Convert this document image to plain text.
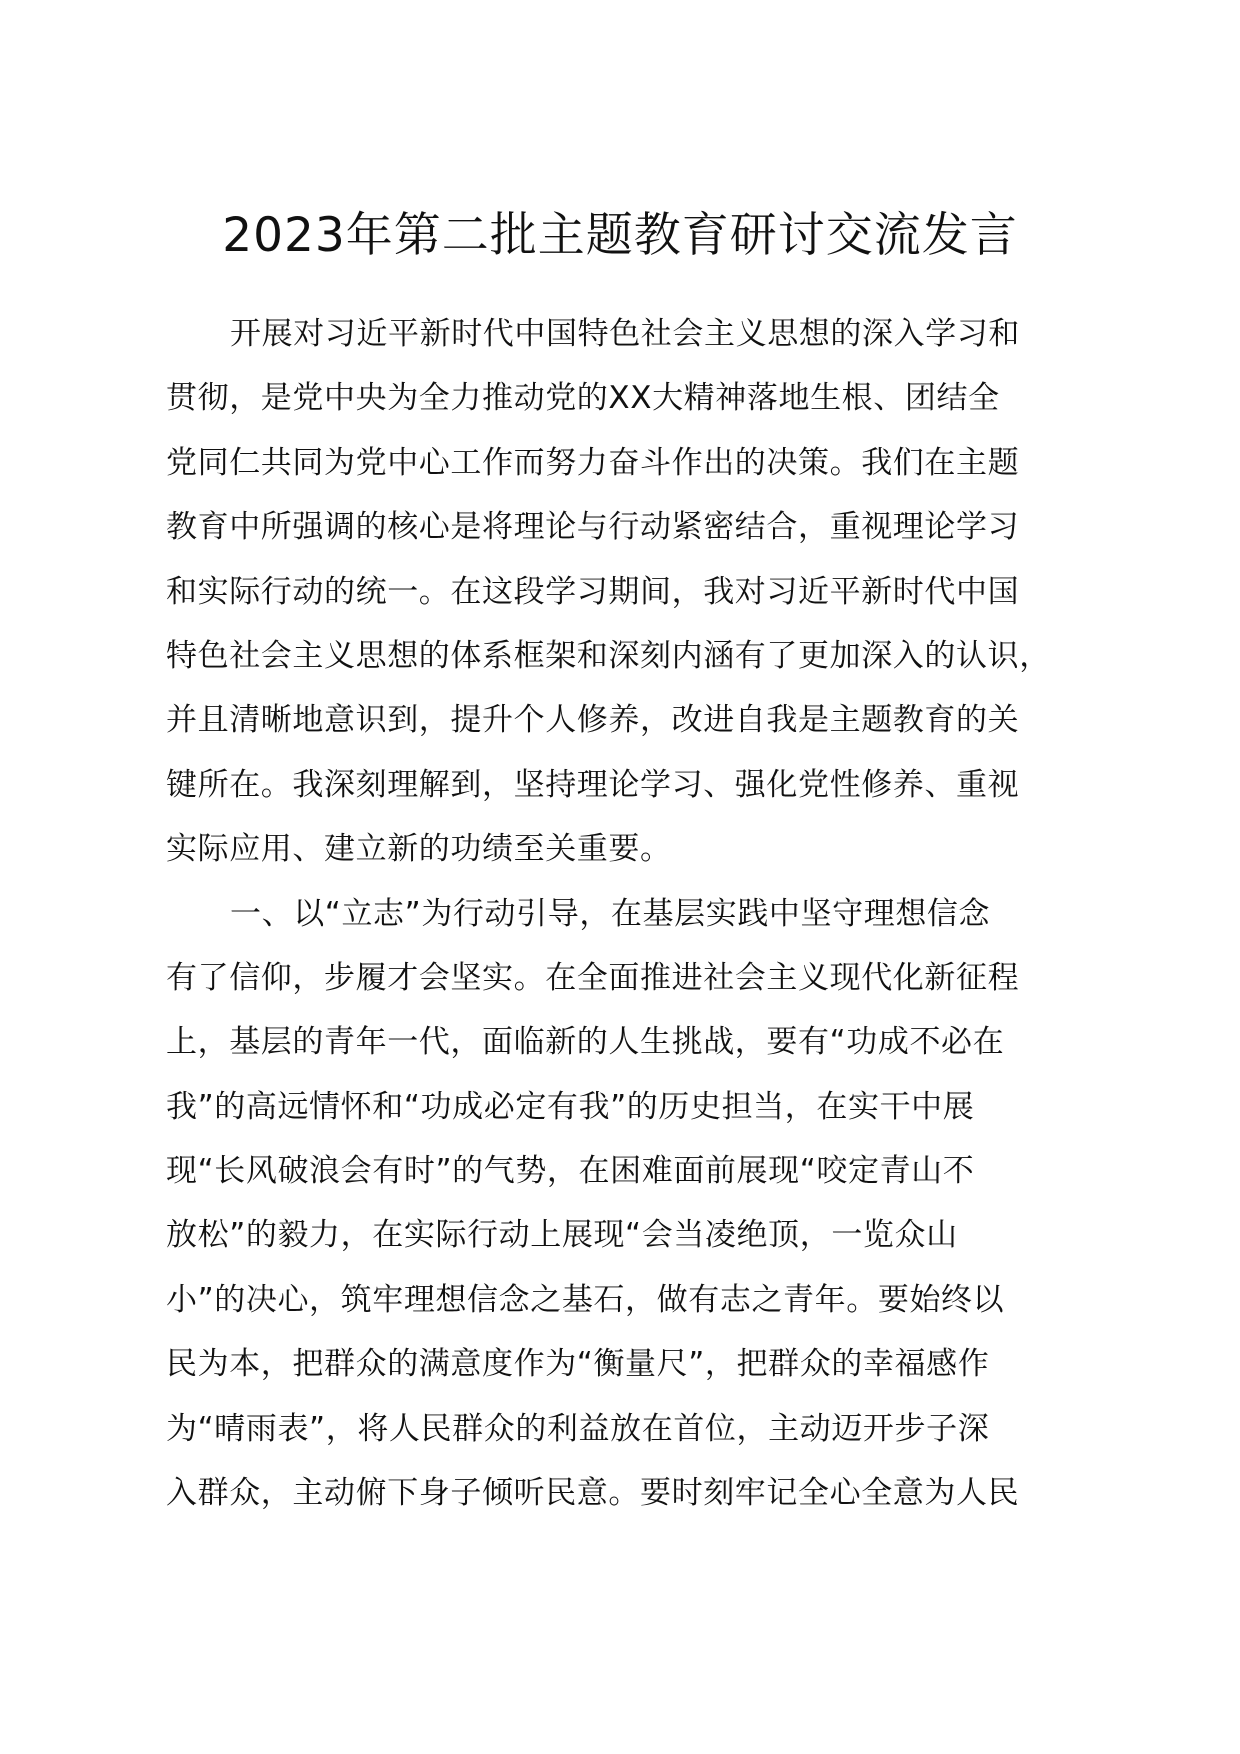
2023年第二批主题教育研讨交流发言
开展对习近平新时代中国特色社会主义思想的深入学习和
贯彻，是党中央为全力推动党的XX大精神落地生根、团结全
党同仁共同为党中心工作而努力奋斗作出的决策。我们在主题
教育中所强调的核心是将理论与行动紧密结合，重视理论学习
和实际行动的统一。在这段学习期间，我对习近平新时代中国
特色社会主义思想的体系框架和深刻内涵有了更加深入的认识，
并且清晰地意识到，提升个人修养，改进自我是主题教育的关
键所在。我深刻理解到，坚持理论学习、强化党性修养、重视
实际应用、建立新的功绩至关重要。
一、以“立志”为行动引导，在基层实践中坚守理想信念
有了信仰，步履才会坚实。在全面推进社会主义现代化新征程
上，基层的青年一代，面临新的人生挑战，要有“功成不必在
我”的高远情怀和“功成必定有我”的历史担当，在实干中展
现“长风破浪会有时”的气势，在困难面前展现“咬定青山不
放松”的毅力，在实际行动上展现“会当凌绝顶，一览众山
小”的决心，筑牢理想信念之基石，做有志之青年。要始终以
民为本，把群众的满意度作为“衡量尺”，把群众的幸福感作
为“晴雨表”，将人民群众的利益放在首位，主动迈开步子深
入群众，主动俯下身子倾听民意。要时刻牢记全心全意为人民
